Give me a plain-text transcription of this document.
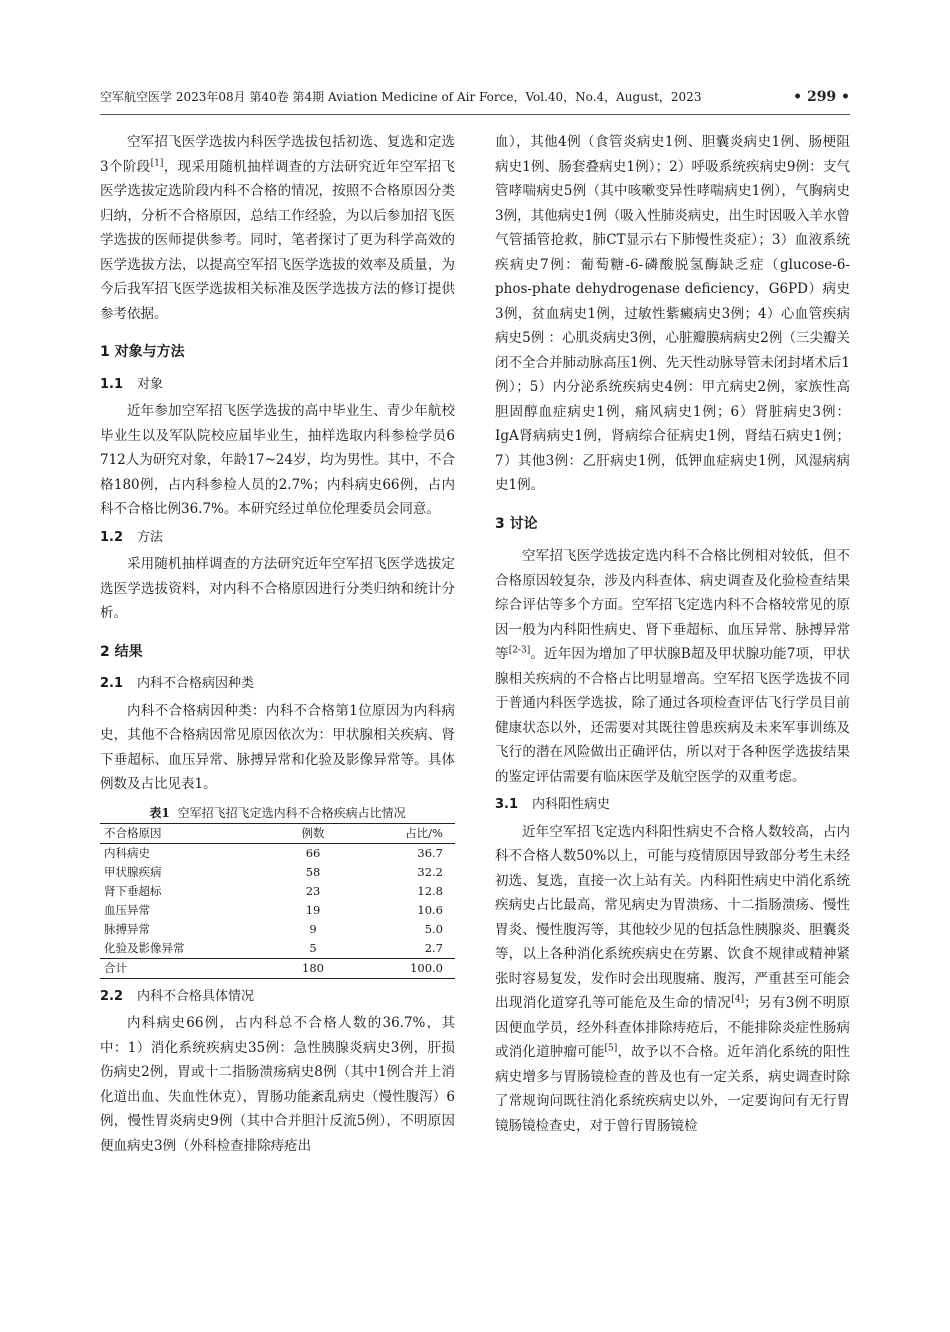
空军航空医学 2023年08月 第40卷 第4期 Aviation Medicine of Air Force，Vol.40，No.4，August，2023	• 299 •

空军招飞医学选拔内科医学选拔包括初选、复选和定选3个阶段[1]，现采用随机抽样调查的方法研究近年空军招飞医学选拔定选阶段内科不合格的情况，按照不合格原因分类归纳，分析不合格原因，总结工作经验，为以后参加招飞医学选拔的医师提供参考。同时，笔者探讨了更为科学高效的医学选拔方法，以提高空军招飞医学选拔的效率及质量，为今后我军招飞医学选拔相关标准及医学选拔方法的修订提供参考依据。

1 对象与方法
1.1 对象

近年参加空军招飞医学选拔的高中毕业生、青少年航校毕业生以及军队院校应届毕业生，抽样选取内科参检学员6 712人为研究对象，年龄17~24岁，均为男性。其中，不合格180例，占内科参检人员的2.7%；内科病史66例，占内科不合格比例36.7%。本研究经过单位伦理委员会同意。

1.2 方法

采用随机抽样调查的方法研究近年空军招飞医学选拔定选医学选拔资料，对内科不合格原因进行分类归纳和统计分析。

2 结果
2.1 内科不合格病因种类

内科不合格病因种类：内科不合格第1位原因为内科病史，其他不合格病因常见原因依次为：甲状腺相关疾病、肾下垂超标、血压异常、脉搏异常和化验及影像异常等。具体例数及占比见表1。

表1 空军招飞招飞定选内科不合格疾病占比情况
不合格原因	例数	占比/%
内科病史	66	36.7
甲状腺疾病	58	32.2
肾下垂超标	23	12.8
血压异常	19	10.6
脉搏异常	9	5.0
化验及影像异常	5	2.7
合计	180	100.0
2.2 内科不合格具体情况

内科病史66例，占内科总不合格人数的36.7%，其中：1）消化系统疾病史35例：急性胰腺炎病史3例，肝损伤病史2例，胃或十二指肠溃疡病史8例（其中1例合并上消化道出血、失血性休克），胃肠功能紊乱病史（慢性腹泻）6例，慢性胃炎病史9例（其中合并胆汁反流5例），不明原因便血病史3例（外科检查排除痔疮出

血），其他4例（食管炎病史1例、胆囊炎病史1例、肠梗阻病史1例、肠套叠病史1例）；2）呼吸系统疾病史9例：支气管哮喘病史5例（其中咳嗽变异性哮喘病史1例），气胸病史3例，其他病史1例（吸入性肺炎病史，出生时因吸入羊水曾气管插管抢救，肺CT显示右下肺慢性炎症）；3）血液系统疾病史7例：葡萄糖-6-磷酸脱氢酶缺乏症（glucose-6-phos-phate dehydrogenase deficiency，G6PD）病史3例，贫血病史1例，过敏性紫癜病史3例；4）心血管疾病病史5例 ：心肌炎病史3例，心脏瓣膜病病史2例（三尖瓣关闭不全合并肺动脉高压1例、先天性动脉导管未闭封堵术后1例）；5）内分泌系统疾病史4例：甲亢病史2例，家族性高胆固醇血症病史1例，痛风病史1例；6）肾脏病史3例：IgA肾病病史1例，肾病综合征病史1例，肾结石病史1例；7）其他3例：乙肝病史1例，低钾血症病史1例，风湿病病史1例。

3 讨论

空军招飞医学选拔定选内科不合格比例相对较低，但不合格原因较复杂，涉及内科查体、病史调查及化验检查结果综合评估等多个方面。空军招飞定选内科不合格较常见的原因一般为内科阳性病史、肾下垂超标、血压异常、脉搏异常等[2-3]。近年因为增加了甲状腺B超及甲状腺功能7项，甲状腺相关疾病的不合格占比明显增高。空军招飞医学选拔不同于普通内科医学选拔，除了通过各项检查评估飞行学员目前健康状态以外，还需要对其既往曾患疾病及未来军事训练及飞行的潜在风险做出正确评估，所以对于各种医学选拔结果的鉴定评估需要有临床医学及航空医学的双重考虑。

3.1 内科阳性病史

近年空军招飞定选内科阳性病史不合格人数较高，占内科不合格人数50%以上，可能与疫情原因导致部分考生未经初选、复选，直接一次上站有关。内科阳性病史中消化系统疾病史占比最高，常见病史为胃溃疡、十二指肠溃疡、慢性胃炎、慢性腹泻等，其他较少见的包括急性胰腺炎、胆囊炎等，以上各种消化系统疾病史在劳累、饮食不规律或精神紧张时容易复发，发作时会出现腹痛、腹泻，严重甚至可能会出现消化道穿孔等可能危及生命的情况[4]；另有3例不明原因便血学员，经外科查体排除痔疮后，不能排除炎症性肠病或消化道肿瘤可能[5]，故予以不合格。近年消化系统的阳性病史增多与胃肠镜检查的普及也有一定关系，病史调查时除了常规询问既往消化系统疾病史以外，一定要询问有无行胃镜肠镜检查史，对于曾行胃肠镜检
